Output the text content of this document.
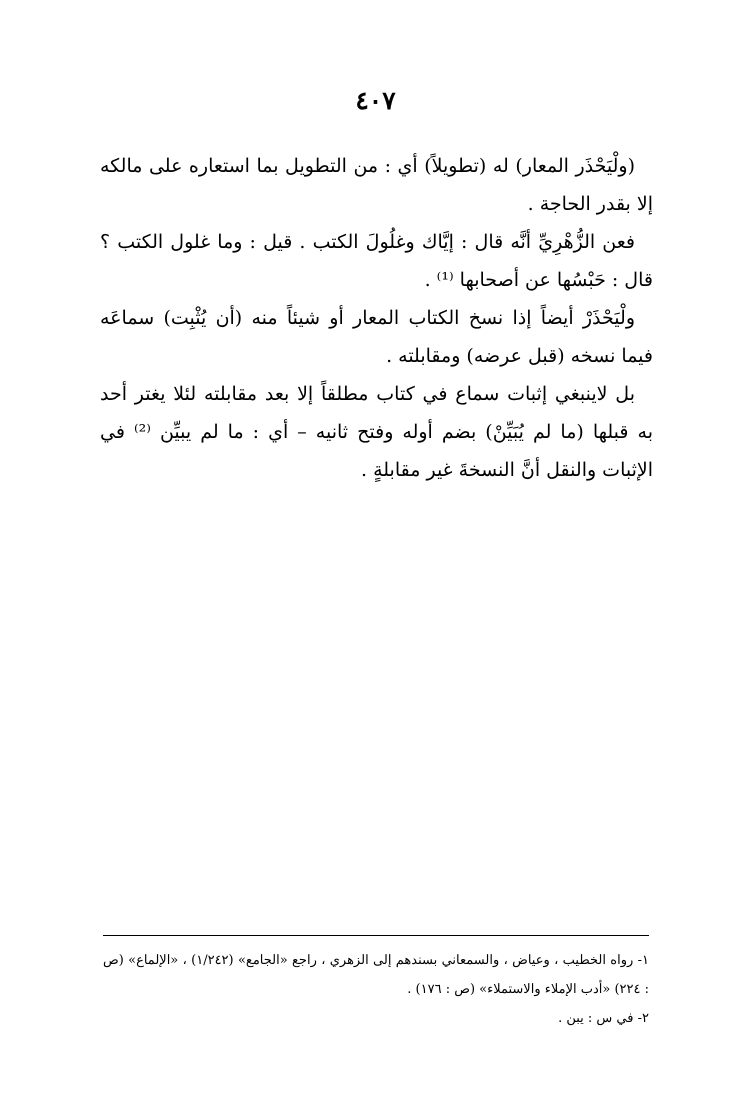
٤٠٧

(ولْيَحْذَر المعار) له (تطويلاً) أي : من التطويل بما استعاره على مالكه إلا بقدر الحاجة .

فعن الزُّهْرِيِّ أنَّه قال : إيَّاك وغلُولَ الكتب . قيل : وما غلول الكتب ؟ قال : حَبْسُها عن أصحابها ⁽¹⁾ .

ولْيَحْذَرْ أيضاً إذا نسخ الكتاب المعار أو شيئاً منه (أن يُثْبِت) سماعَه فيما نسخه (قبل عرضه) ومقابلته .

بل لاينبغي إثبات سماع في كتاب مطلقاً إلا بعد مقابلته لئلا يغتر أحد به قبلها (ما لم يُبَيِّنْ) بضم أوله وفتح ثانيه – أي : ما لم يبيِّن ⁽²⁾ في الإثبات والنقل أنَّ النسخةَ غير مقابلةٍ .

١- رواه الخطيب ، وعياض ، والسمعاني بسندهم إلى الزهري ، راجع «الجامع» (١/٢٤٢) ، «الإلماع» (ص : ٢٢٤) «أدب الإملاء والاستملاء» (ص : ١٧٦) .

٢- في س : يبن .
